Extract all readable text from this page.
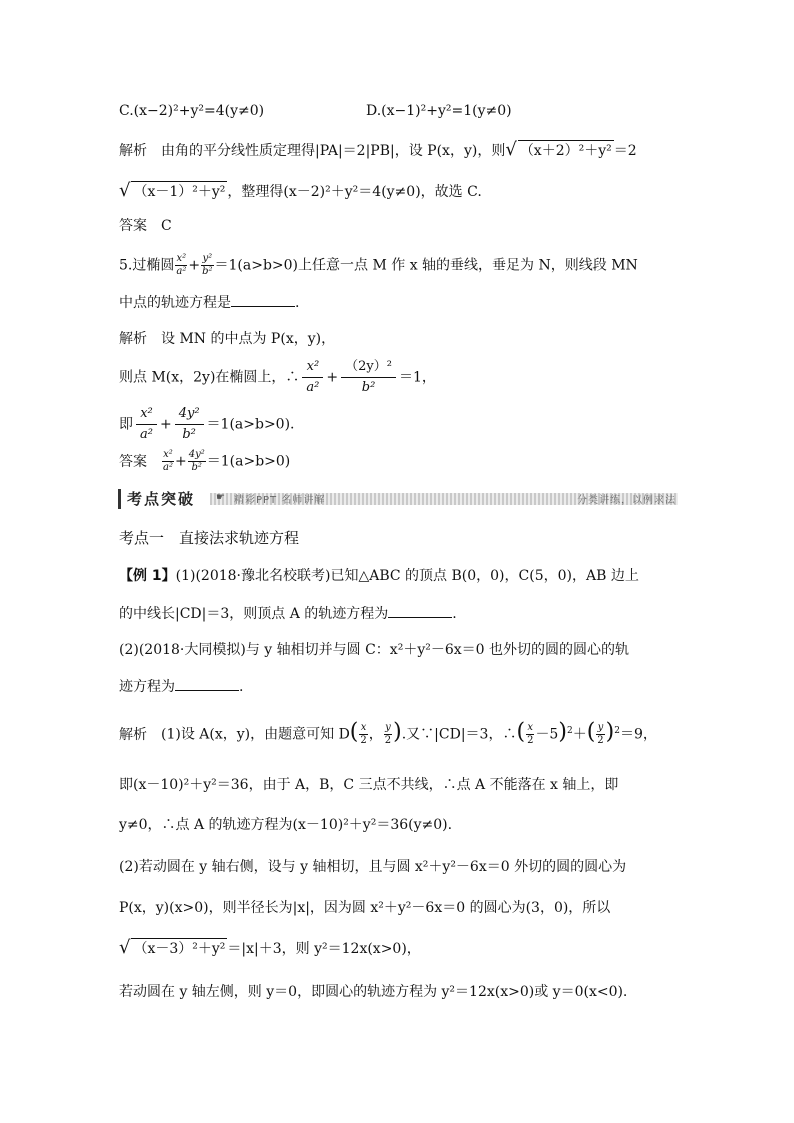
C.(x−2)²+y²=4(y≠0)	D.(x−1)²+y²=1(y≠0)
解析 由角的平分线性质定理得|PA|＝2|PB|，设 P(x，y)，则√ （x＋2）²＋y² ＝2
√ （x－1）²＋y² ，整理得(x－2)²＋y²＝4(y≠0)，故选 C.
答案 C
5.过椭圆 $\frac{\text{x²}}{\text{a²}} + \frac{\text{y²}}{\text{b²}} =1(a>b>0)$上任意一点 M 作 x 轴的垂线，垂足为 N，则线段 MN
中点的轨迹方程是	.
解析 设 MN 的中点为 P(x，y)，
则点 M(x，2y)在椭圆上，∴ $\frac{\text{x²}}{\text{a²}} + \frac{\text{（2y）²}}{\text{b²}} =1$，
即 $\frac{\text{x²}}{\text{a²}} + \frac{\text{4y²}}{\text{b²}} =1(a>b>0)$.
答案 $\frac{\text{x²}}{\text{a²}} + \frac{\text{4y²}}{\text{b²}} =1(a>b>0)$
考点突破	☛ 精彩PPT 名师讲解	分类讲练，以例求法
考点一　直接法求轨迹方程
【例 1】(1)(2018·豫北名校联考)已知△ABC 的顶点 B(0，0)，C(5，0)，AB 边上
的中线长|CD|＝3，则顶点 A 的轨迹方程为	.
(2)(2018·大同模拟)与 y 轴相切并与圆 C：x²＋y²－6x＝0 也外切的圆的圆心的轨
迹方程为	.
解析 (1)设 A(x，y)，由题意可知 $D( \frac{x}{2}$ ， $\frac{y}{2}$ ).又∵|CD|＝3，∴( $\frac{x}{2} -5)^2+( \frac{y}{2} )^2=9$，
即(x－10)²＋y²＝36，由于 A，B，C 三点不共线，∴点 A 不能落在 x 轴上，即
y≠0，∴点 A 的轨迹方程为(x－10)²＋y²＝36(y≠0).
(2)若动圆在 y 轴右侧，设与 y 轴相切，且与圆 x²＋y²－6x＝0 外切的圆的圆心为
P(x，y)(x>0)，则半径长为|x|，因为圆 x²＋y²－6x＝0 的圆心为(3，0)，所以
√ （x－3）²＋y² ＝|x|＋3，则 y²＝12x(x>0)，
若动圆在 y 轴左侧，则 y＝0，即圆心的轨迹方程为 y²＝12x(x>0)或 y＝0(x<0).
